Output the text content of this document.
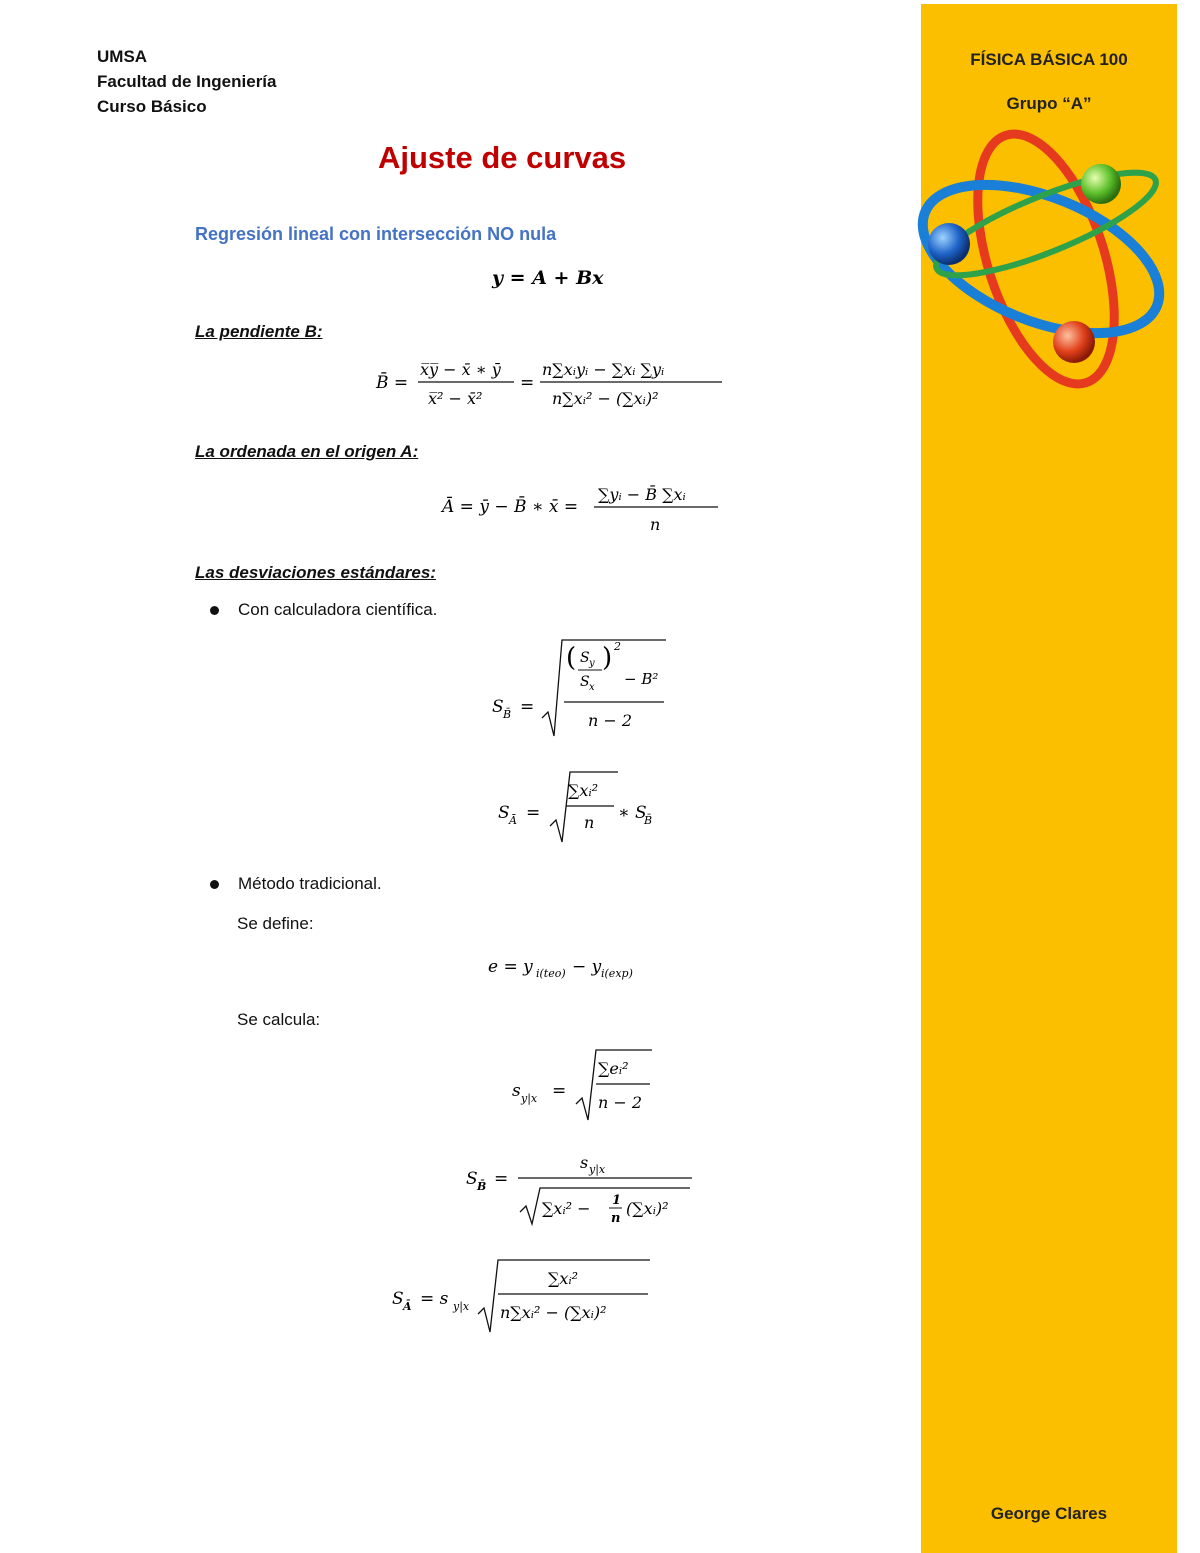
UMSA
Facultad de Ingeniería
Curso Básico
Ajuste de curvas
Regresión lineal con intersección NO nula
y = A + Bx
La pendiente B:
B̄ =
x̅y̅ − x̄ ∗ ȳ
x̅² − x̄²
=
n∑xᵢyᵢ − ∑xᵢ ∑yᵢ
n∑xᵢ² − (∑xᵢ)²
La ordenada en el origen A:
Ā = ȳ − B̄ ∗ x̄ =
∑yᵢ − B̄ ∑xᵢ
n
Las desviaciones estándares:
Con calculadora científica.
S B̄ =
( S y
S x
) 2
− B²
n − 2
S Ā =
∑xᵢ²
n ∗ S
B̄
Método tradicional.
Se define:
e = y i(teo) − y i(exp)
Se calcula:
s y|x =
∑eᵢ²
n − 2
S B̄ =
s y|x
∑xᵢ² − 1
n
(∑xᵢ)²
S Ā = s y|x
∑xᵢ²
n∑xᵢ² − (∑xᵢ)²
FÍSICA BÁSICA 100
Grupo “A”
George Clares
